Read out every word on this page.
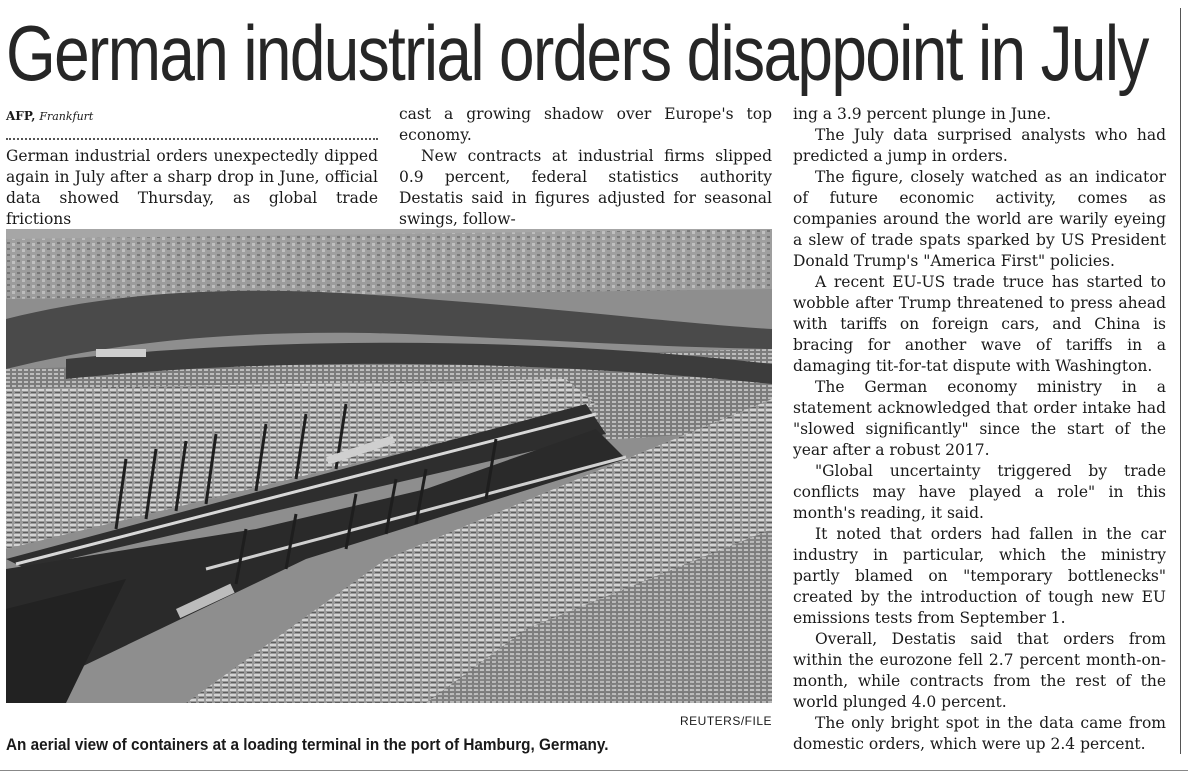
German industrial orders disappoint in July
AFP, Frankfurt

German industrial orders unexpectedly dipped again in July after a sharp drop in June, official data showed Thursday, as global trade frictions

cast a growing shadow over Europe's top economy.

New contracts at industrial firms slipped 0.9 percent, federal statistics authority Destatis said in figures adjusted for seasonal swings, follow-

ing a 3.9 percent plunge in June.

The July data surprised analysts who had predicted a jump in orders.

The figure, closely watched as an indicator of future economic activity, comes as companies around the world are warily eyeing a slew of trade spats sparked by US President Donald Trump's "America First" policies.

A recent EU-US trade truce has started to wobble after Trump threatened to press ahead with tariffs on foreign cars, and China is bracing for another wave of tariffs in a damaging tit-for-tat dispute with Washington.

The German economy ministry in a statement acknowledged that order intake had "slowed significantly" since the start of the year after a robust 2017.

"Global uncertainty triggered by trade conflicts may have played a role" in this month's reading, it said.

It noted that orders had fallen in the car industry in particular, which the ministry partly blamed on "temporary bottlenecks" created by the introduction of tough new EU emissions tests from September 1.

Overall, Destatis said that orders from within the eurozone fell 2.7 percent month-on-month, while contracts from the rest of the world plunged 4.0 percent.

The only bright spot in the data came from domestic orders, which were up 2.4 percent.

REUTERS/FILE

An aerial view of containers at a loading terminal in the port of Hamburg, Germany.
